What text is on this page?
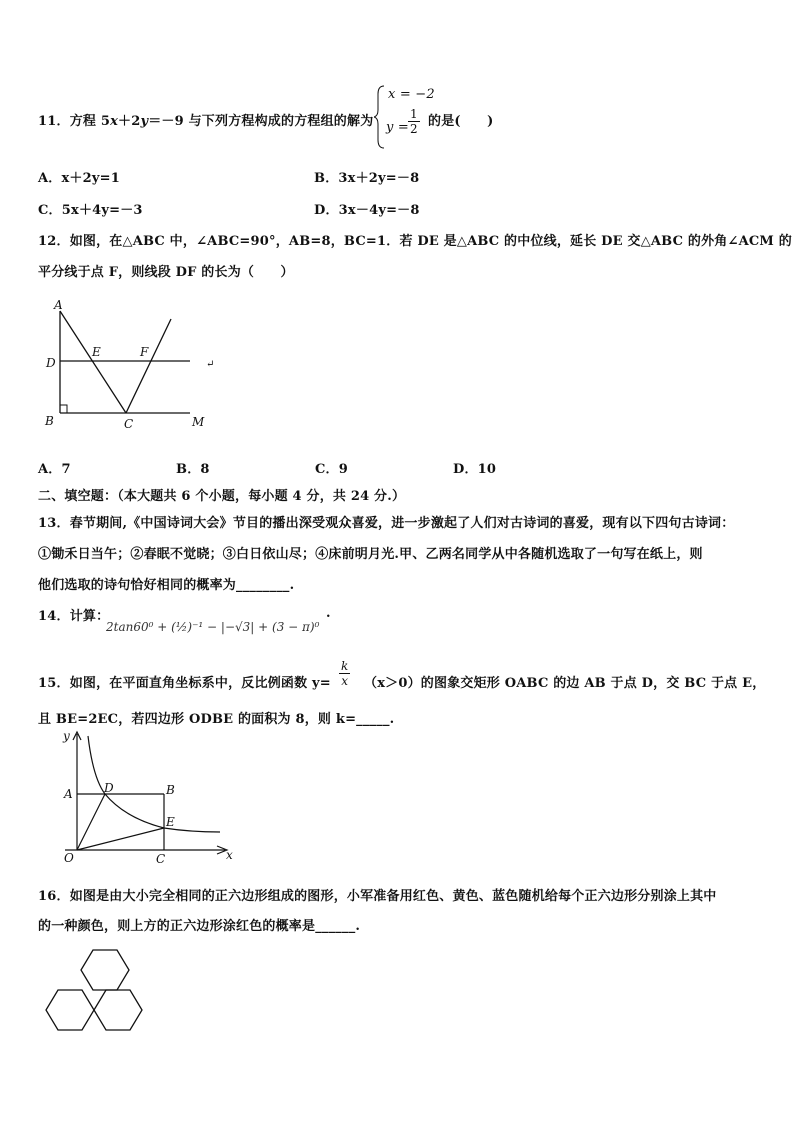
11．方程 5x＋2y＝－9 与下列方程构成的方程组的解为
x = −2
$y = \frac{1}{2}$ 的是(　　)
A．x＋2y=1	B．3x＋2y=－8
C．5x＋4y=－3	D．3x－4y=－8
12．如图，在△ABC 中，∠ABC=90°，AB=8，BC=1．若 DE 是△ABC 的中位线，延长 DE 交△ABC 的外角∠ACM 的
平分线于点 F，则线段 DF 的长为（　　）
A
D
E	F
B	C	M
↵
A．7	B．8	C．9	D．10
二、填空题：（本大题共 6 个小题，每小题 4 分，共 24 分.）
13．春节期间,《中国诗词大会》节目的播出深受观众喜爱，进一步激起了人们对古诗词的喜爱，现有以下四句古诗词：
①锄禾日当午；②春眠不觉晓；③白日依山尽；④床前明月光.甲、乙两名同学从中各随机选取了一句写在纸上，则
他们选取的诗句恰好相同的概率为________.
14．计算：
2tan60⁰ + (½)⁻¹ − |−√3| + (3 − π)⁰
.
15．如图，在平面直角坐标系中，反比例函数 $y= \frac{k}{x} (x>0)$的图象交矩形 OABC 的边 AB 于点 D，交 BC 于点 E，
且 BE=2EC，若四边形 ODBE 的面积为 8，则 k=_____.
y
x
O
A	B
D
E
C
16．如图是由大小完全相同的正六边形组成的图形，小军准备用红色、黄色、蓝色随机给每个正六边形分别涂上其中
的一种颜色，则上方的正六边形涂红色的概率是______.
